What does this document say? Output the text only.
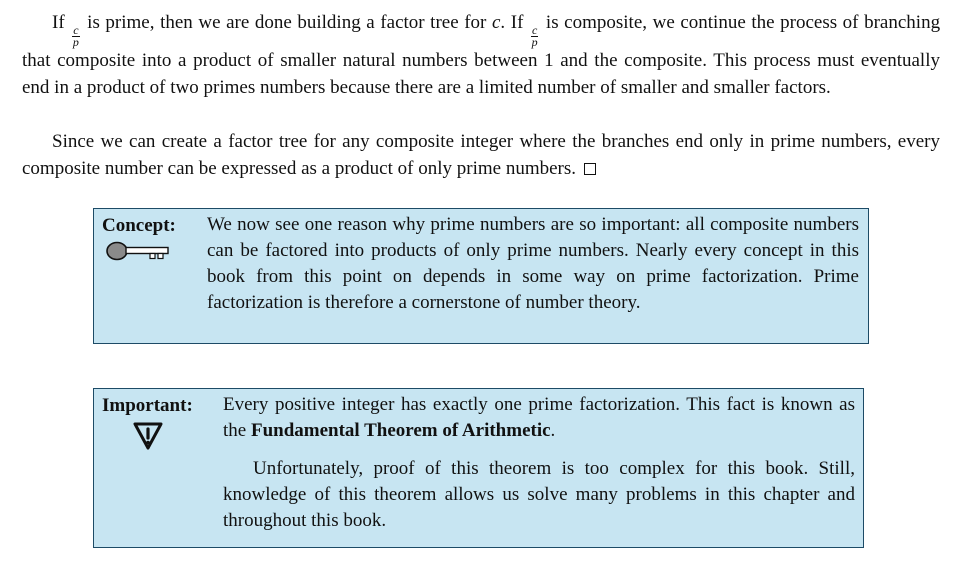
If
$\frac{c}{p}$
is prime, then we are done building a factor tree for c. If
$\frac{c}{p}$
is composite, we continue the process of branching that composite into a product of smaller natural numbers between 1 and the composite. This process must eventually end in a product of two primes numbers because there are a limited number of smaller and smaller factors.
Since we can create a factor tree for any composite integer where the branches end only in prime numbers, every composite number can be expressed as a product of only prime numbers.
Concept: We now see one reason why prime numbers are so important: all composite numbers can be factored into products of only prime numbers. Nearly every concept in this book from this point on depends in some way on prime factorization. Prime factorization is therefore a cornerstone of number theory.

Important: Every positive integer has exactly one prime factorization. This fact is known as the Fundamental Theorem of Arithmetic.

Unfortunately, proof of this theorem is too complex for this book. Still, knowledge of this theorem allows us solve many problems in this chapter and throughout this book.
